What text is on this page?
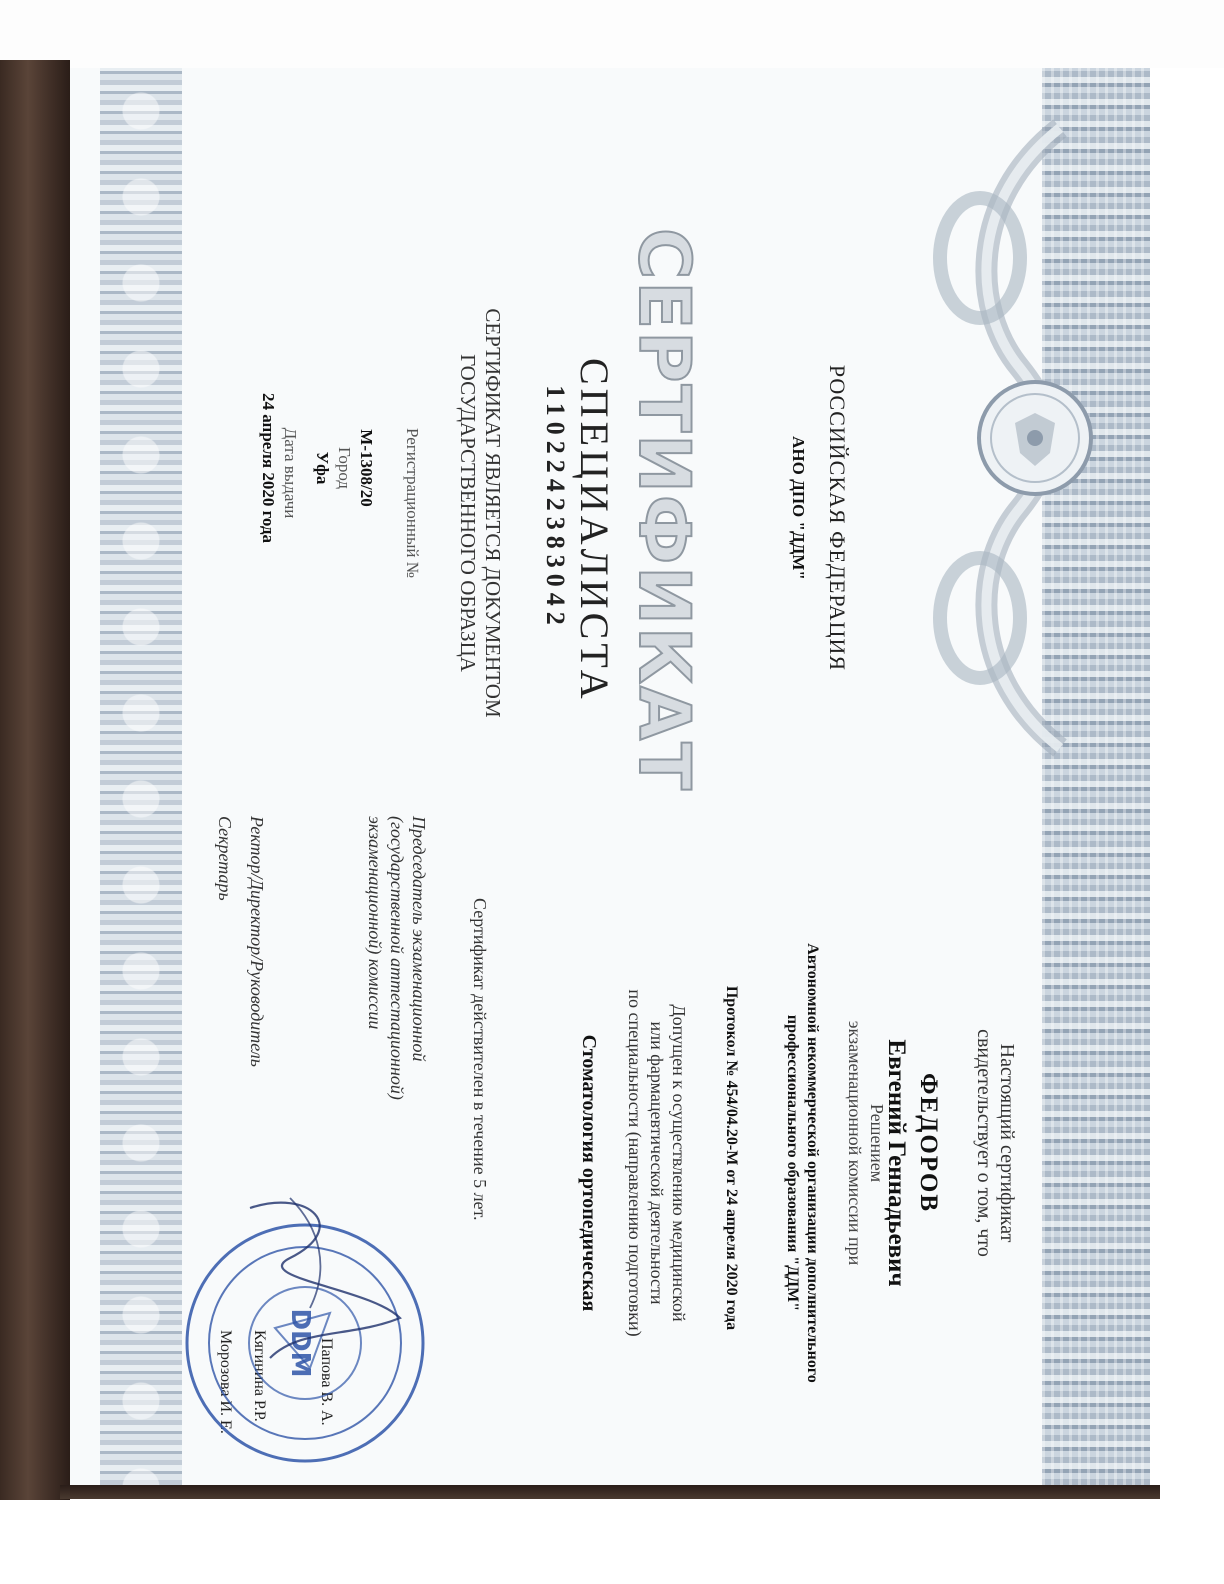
СЕРТИФИКАТ	РОССИЙСКАЯ ФЕДЕРАЦИЯ
АНО ДПО "ДДМ"
СПЕЦИАЛИСТА
1102242383042
СЕРТИФИКАТ ЯВЛЯЕТСЯ ДОКУМЕНТОМ
ГОСУДАРСТВЕННОГО ОБРАЗЦА
Регистрационный №
М-1308/20
Город
Уфа
Дата выдачи
24 апреля 2020 года
Настоящий сертификат
свидетельствует о том, что
ФЕДОРОВ
Евгений Геннадьевич
Решением
экзаменационной комиссии при
Автономной некоммерческой организации дополнительного
профессионального образования "ДДМ"
Протокол № 454/04.20-М от 24 апреля 2020 года
Допущен к осуществлению медицинской
или фармацевтической деятельности
по специальности (направлению подготовки)
Стоматология ортопедическая
Сертификат действителен в течение 5 лет.
Председатель экзаменационной
(государственной аттестационной)
экзаменационной) комиссии
Папова В. А.
Ректор/Директор/Руководитель
Кягинина Р.Р.
Секретарь
Морозова И. Е. DDM
